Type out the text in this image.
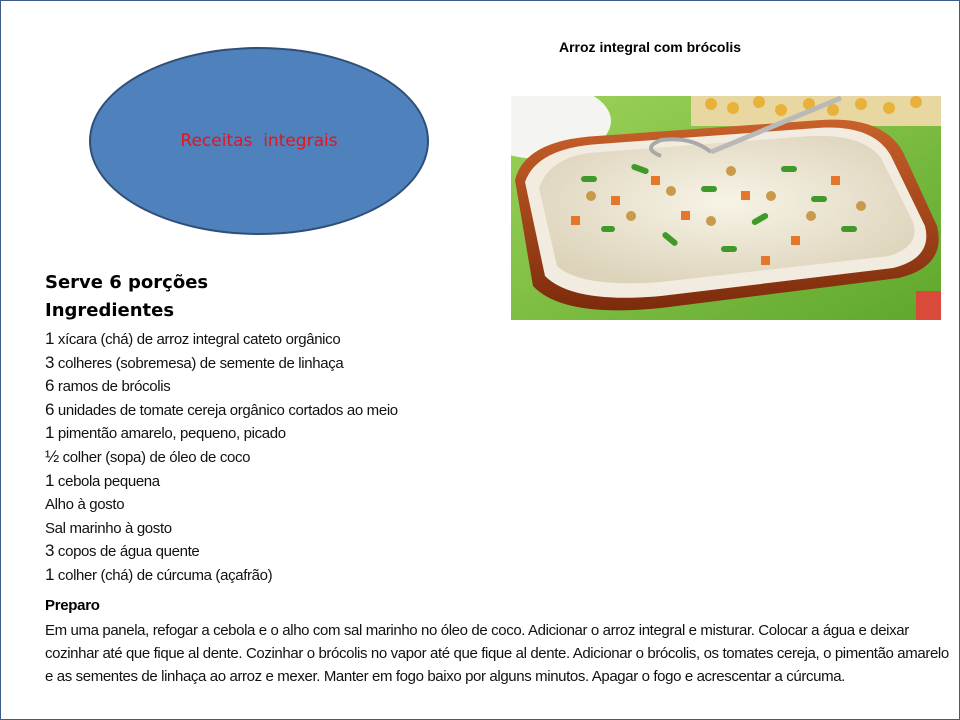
Receitas  integrais
Arroz integral com brócolis
Serve 6 porções
Ingredientes
1 xícara (chá) de arroz integral cateto orgânico
3 colheres (sobremesa) de semente de linhaça
6 ramos de brócolis
6 unidades de tomate cereja orgânico cortados ao meio
1 pimentão amarelo, pequeno, picado
½ colher (sopa) de óleo de coco
1 cebola pequena
Alho à gosto
Sal marinho à gosto
3 copos de água quente
1 colher (chá) de cúrcuma (açafrão)
Preparo
Em uma panela, refogar a cebola e o alho com sal marinho no óleo de coco. Adicionar o arroz integral e misturar. Colocar a água e deixar cozinhar até que fique al dente. Cozinhar o brócolis no vapor até que fique al dente. Adicionar o brócolis, os tomates cereja, o pimentão amarelo e as sementes de linhaça ao arroz e mexer. Manter em fogo baixo por alguns minutos. Apagar o fogo e acrescentar a cúrcuma.
